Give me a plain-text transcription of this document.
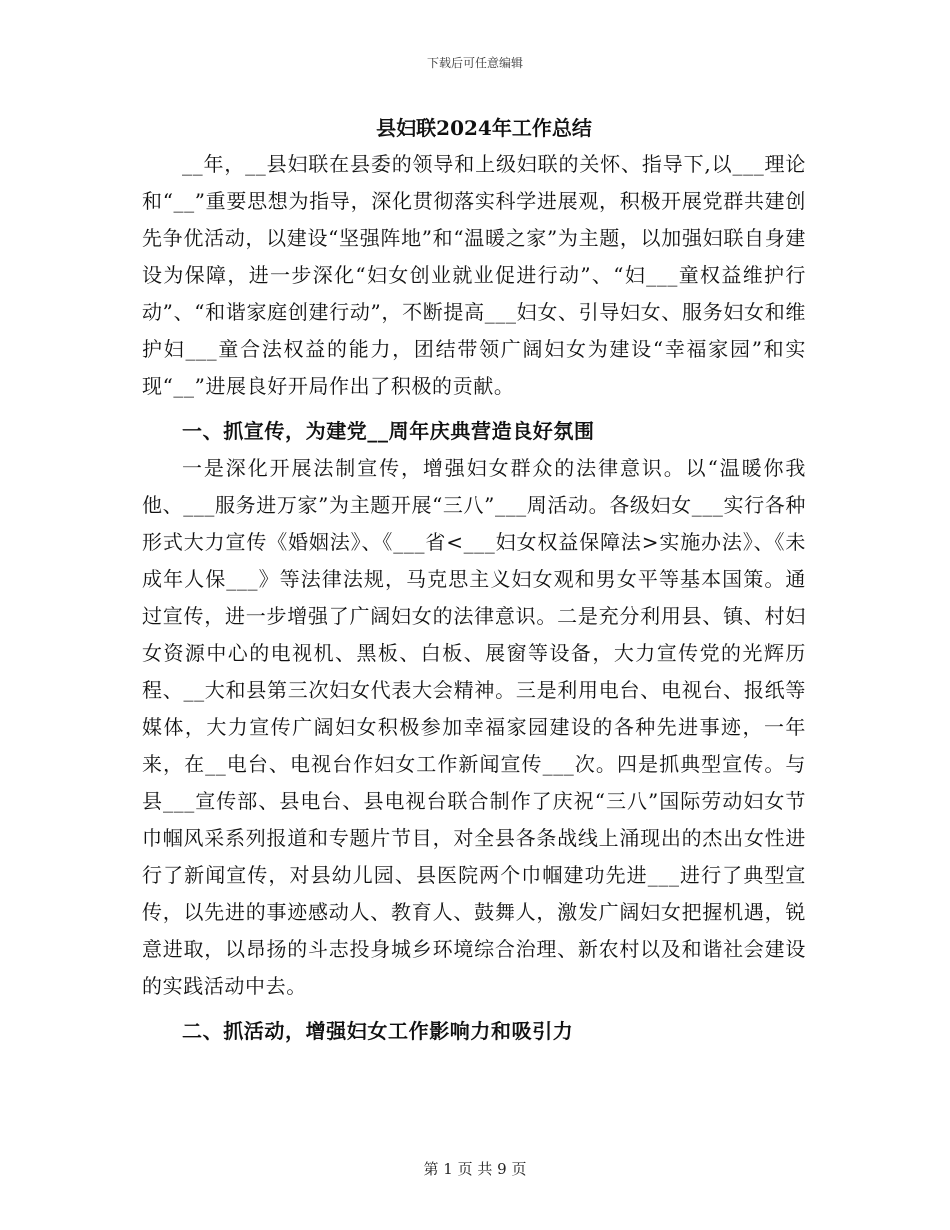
下载后可任意编辑
县妇联2024年工作总结

__年，__县妇联在县委的领导和上级妇联的关怀、指导下,以___理论和“__”重要思想为指导，深化贯彻落实科学进展观，积极开展党群共建创先争优活动，以建设“坚强阵地”和“温暖之家”为主题，以加强妇联自身建设为保障，进一步深化“妇女创业就业促进行动”、“妇___童权益维护行动”、“和谐家庭创建行动”，不断提高___妇女、引导妇女、服务妇女和维护妇___童合法权益的能力，团结带领广阔妇女为建设“幸福家园”和实现“__”进展良好开局作出了积极的贡献。

一、抓宣传，为建党__周年庆典营造良好氛围

一是深化开展法制宣传，增强妇女群众的法律意识。以“温暖你我他、___服务进万家”为主题开展“三八”___周活动。各级妇女___实行各种形式大力宣传《婚姻法》、《___省<___妇女权益保障法>实施办法》、《未成年人保___》等法律法规，马克思主义妇女观和男女平等基本国策。通过宣传，进一步增强了广阔妇女的法律意识。二是充分利用县、镇、村妇女资源中心的电视机、黑板、白板、展窗等设备，大力宣传党的光辉历程、__大和县第三次妇女代表大会精神。三是利用电台、电视台、报纸等媒体，大力宣传广阔妇女积极参加幸福家园建设的各种先进事迹，一年来，在__电台、电视台作妇女工作新闻宣传___次。四是抓典型宣传。与县___宣传部、县电台、县电视台联合制作了庆祝“三八”国际劳动妇女节巾帼风采系列报道和专题片节目，对全县各条战线上涌现出的杰出女性进行了新闻宣传，对县幼儿园、县医院两个巾帼建功先进___进行了典型宣传，以先进的事迹感动人、教育人、鼓舞人，激发广阔妇女把握机遇，锐意进取，以昂扬的斗志投身城乡环境综合治理、新农村以及和谐社会建设的实践活动中去。

二、抓活动，增强妇女工作影响力和吸引力

第 1 页 共 9 页
